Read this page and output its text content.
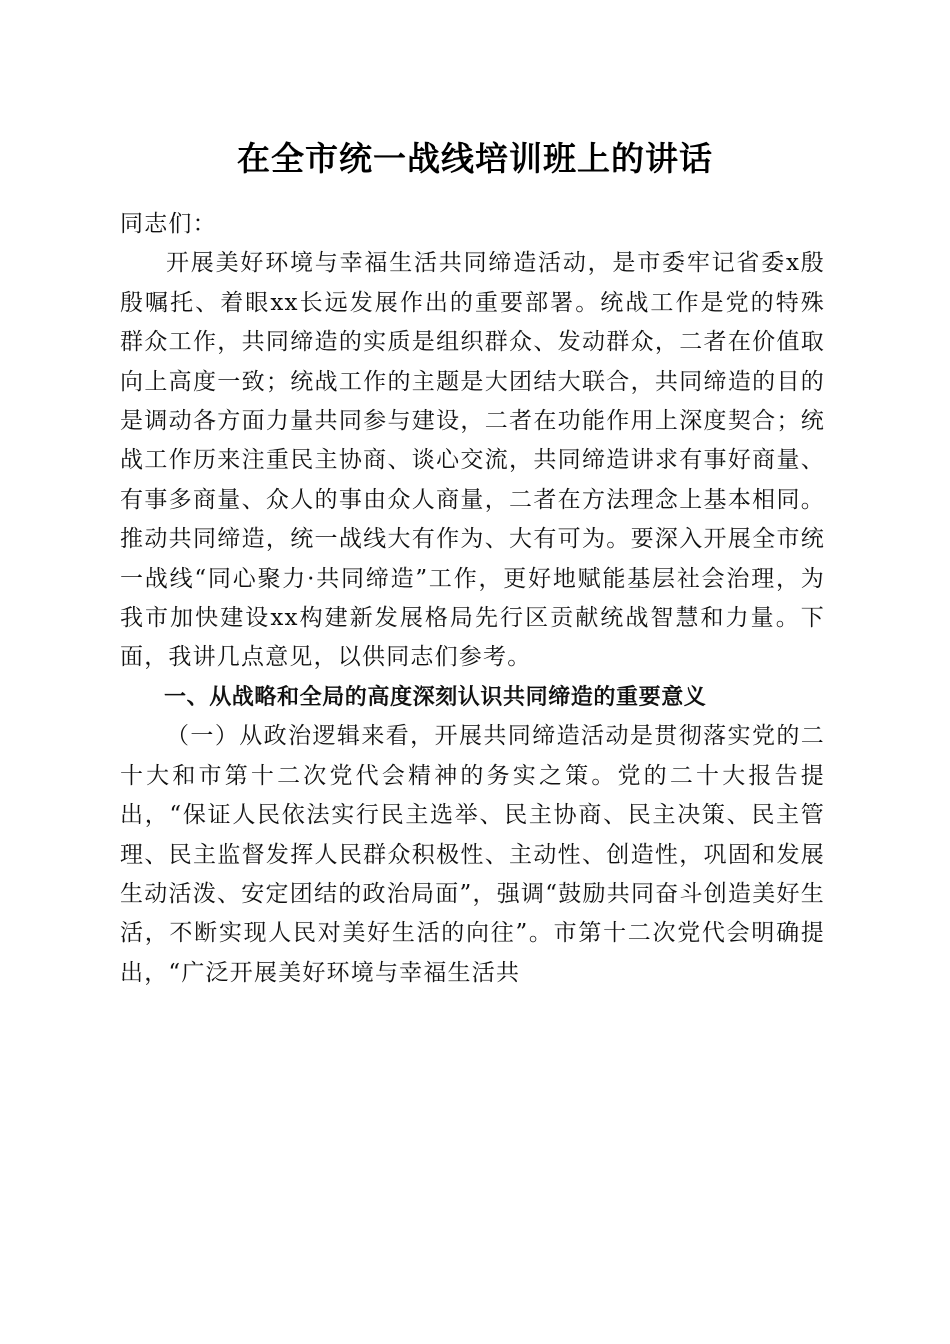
在全市统一战线培训班上的讲话

同志们：

开展美好环境与幸福生活共同缔造活动，是市委牢记省委x殷殷嘱托、着眼xx长远发展作出的重要部署。统战工作是党的特殊群众工作，共同缔造的实质是组织群众、发动群众，二者在价值取向上高度一致；统战工作的主题是大团结大联合，共同缔造的目的是调动各方面力量共同参与建设，二者在功能作用上深度契合；统战工作历来注重民主协商、谈心交流，共同缔造讲求有事好商量、有事多商量、众人的事由众人商量，二者在方法理念上基本相同。推动共同缔造，统一战线大有作为、大有可为。要深入开展全市统一战线“同心聚力·共同缔造”工作，更好地赋能基层社会治理，为我市加快建设xx构建新发展格局先行区贡献统战智慧和力量。下面，我讲几点意见，以供同志们参考。

一、从战略和全局的高度深刻认识共同缔造的重要意义

（一）从政治逻辑来看，开展共同缔造活动是贯彻落实党的二十大和市第十二次党代会精神的务实之策。党的二十大报告提出，“保证人民依法实行民主选举、民主协商、民主决策、民主管理、民主监督发挥人民群众积极性、主动性、创造性，巩固和发展生动活泼、安定团结的政治局面”，强调“鼓励共同奋斗创造美好生活，不断实现人民对美好生活的向往”。市第十二次党代会明确提出，“广泛开展美好环境与幸福生活共
